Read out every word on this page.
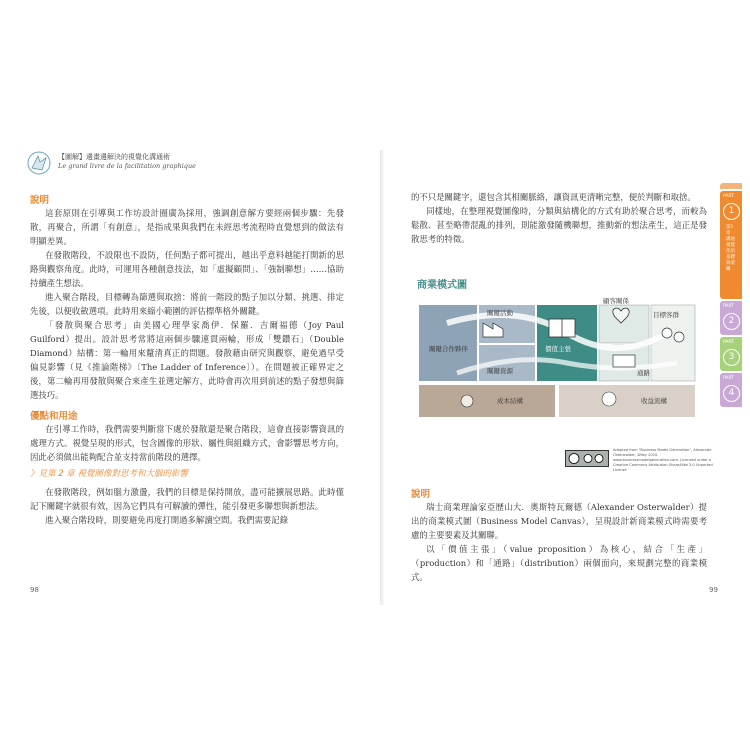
【圖解】邊畫邊解決的視覺化溝通術
Le grand livre de la facilitation graphique
說明

這套原則在引導與工作坊設計圈廣為採用，強調創意解方要經兩個步驟：先發散，再聚合，所謂「有創意」，是指成果與我們在未經思考流程時直覺想到的做法有明顯差異。

在發散階段，不設限也不設防，任何點子都可提出，越出乎意料越能打開新的思路與觀察角度。此時，可運用各種創意技法，如「虛擬顧問」、「強制聯想」……協助持續產生想法。

進入聚合階段，目標轉為篩選與取捨：將前一階段的點子加以分類、挑選、排定先後，以便收斂選項。此時用來縮小範圍的評估標準格外關鍵。

「發散與聚合思考」由美國心理學家喬伊．保羅．吉爾福德（Joy Paul Guilford）提出。設計思考常將這兩個步驟連貫兩輪，形成「雙鑽石」（Double Diamond）結構：第一輪用來釐清真正的問題。發散藉由研究與觀察，避免過早受偏見影響（見《推論階梯》〔The Ladder of Inference〕）。在問題被正確界定之後，第二輪再用發散與聚合來產生並選定解方，此時會再次用到前述的點子發想與篩選技巧。

優點和用途

在引導工作時，我們需要判斷當下處於發散還是聚合階段，這會直接影響資訊的處理方式。視覺呈現的形式，包含圖像的形狀、屬性與組織方式，會影響思考方向，因此必須做出能夠配合並支持當前階段的選擇。

》見第 2 章 視覺圖像對思考和大腦的影響

在發散階段，例如腦力激盪，我們的目標是保持開放，盡可能擴展思路。此時僅記下關鍵字就很有效，因為它們具有可解讀的彈性，能引發更多聯想與新想法。

進入聚合階段時，則要避免再度打開過多解讀空間。我們需要記錄

98

的不只是關鍵字，還包含其相關脈絡，讓資訊更清晰完整，便於判斷和取捨。

同樣地，在整理視覺圖像時，分類與結構化的方式有助於聚合思考，而較為鬆散、甚至略帶混亂的排列，則能激發隨機聯想，推動新的想法產生，這正是發散思考的特徵。

商業模式圖
關鍵合作夥伴
關鍵活動
關鍵資源
價值主張
顧客關係
通路
目標客群
成本結構	收益流構
Adapted from "Business Model Generation", Alexander Osterwalder, Wiley 2010. www.businessmodelgeneration.com. Licensed under a Creative Commons Attribution-ShareAlike 3.0 Unported License
說明

瑞士商業理論家亞歷山大．奧斯特瓦爾德（Alexander Osterwalder）提出的商業模式圖（Business Model Canvas），呈現設計新商業模式時需要考慮的主要要素及其關聯。

以「價值主張」（value proposition）為核心，結合「生產」（production）和「通路」（distribution）兩個面向，來規劃完整的商業模式。

99
PART
1
第1章 溝通視覺化的基礎與架構
PART
2
PART
3
PART
4
